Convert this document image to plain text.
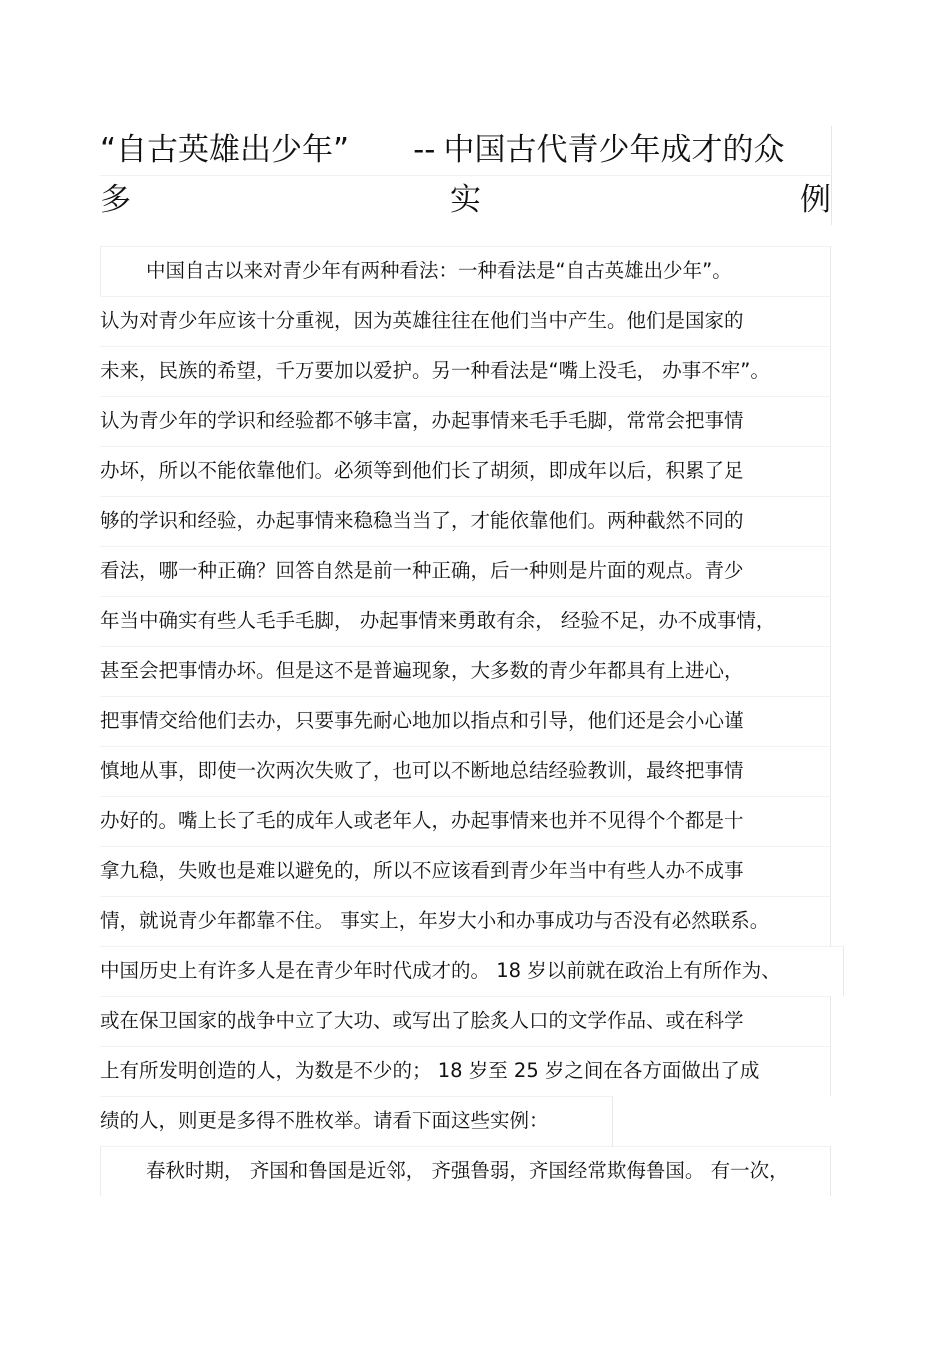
“自古英雄出少年” -- 中国古代青少年成才的众
多	实	例
中国自古以来对青少年有两种看法：一种看法是“自古英雄出少年”。
认为对青少年应该十分重视，因为英雄往往在他们当中产生。他们是国家的
未来，民族的希望，千万要加以爱护。另一种看法是“嘴上没毛， 办事不牢”。
认为青少年的学识和经验都不够丰富，办起事情来毛手毛脚，常常会把事情
办坏，所以不能依靠他们。必须等到他们长了胡须，即成年以后，积累了足
够的学识和经验，办起事情来稳稳当当了，才能依靠他们。两种截然不同的
看法，哪一种正确？回答自然是前一种正确，后一种则是片面的观点。青少
年当中确实有些人毛手毛脚， 办起事情来勇敢有余， 经验不足，办不成事情，
甚至会把事情办坏。但是这不是普遍现象，大多数的青少年都具有上进心，
把事情交给他们去办，只要事先耐心地加以指点和引导，他们还是会小心谨
慎地从事，即使一次两次失败了，也可以不断地总结经验教训，最终把事情
办好的。嘴上长了毛的成年人或老年人，办起事情来也并不见得个个都是十
拿九稳，失败也是难以避免的，所以不应该看到青少年当中有些人办不成事
情，就说青少年都靠不住。 事实上，年岁大小和办事成功与否没有必然联系。
中国历史上有许多人是在青少年时代成才的。 18 岁以前就在政治上有所作为、
或在保卫国家的战争中立了大功、或写出了脍炙人口的文学作品、或在科学
上有所发明创造的人，为数是不少的； 18 岁至 25 岁之间在各方面做出了成
绩的人，则更是多得不胜枚举。请看下面这些实例：
春秋时期， 齐国和鲁国是近邻， 齐强鲁弱，齐国经常欺侮鲁国。 有一次，
